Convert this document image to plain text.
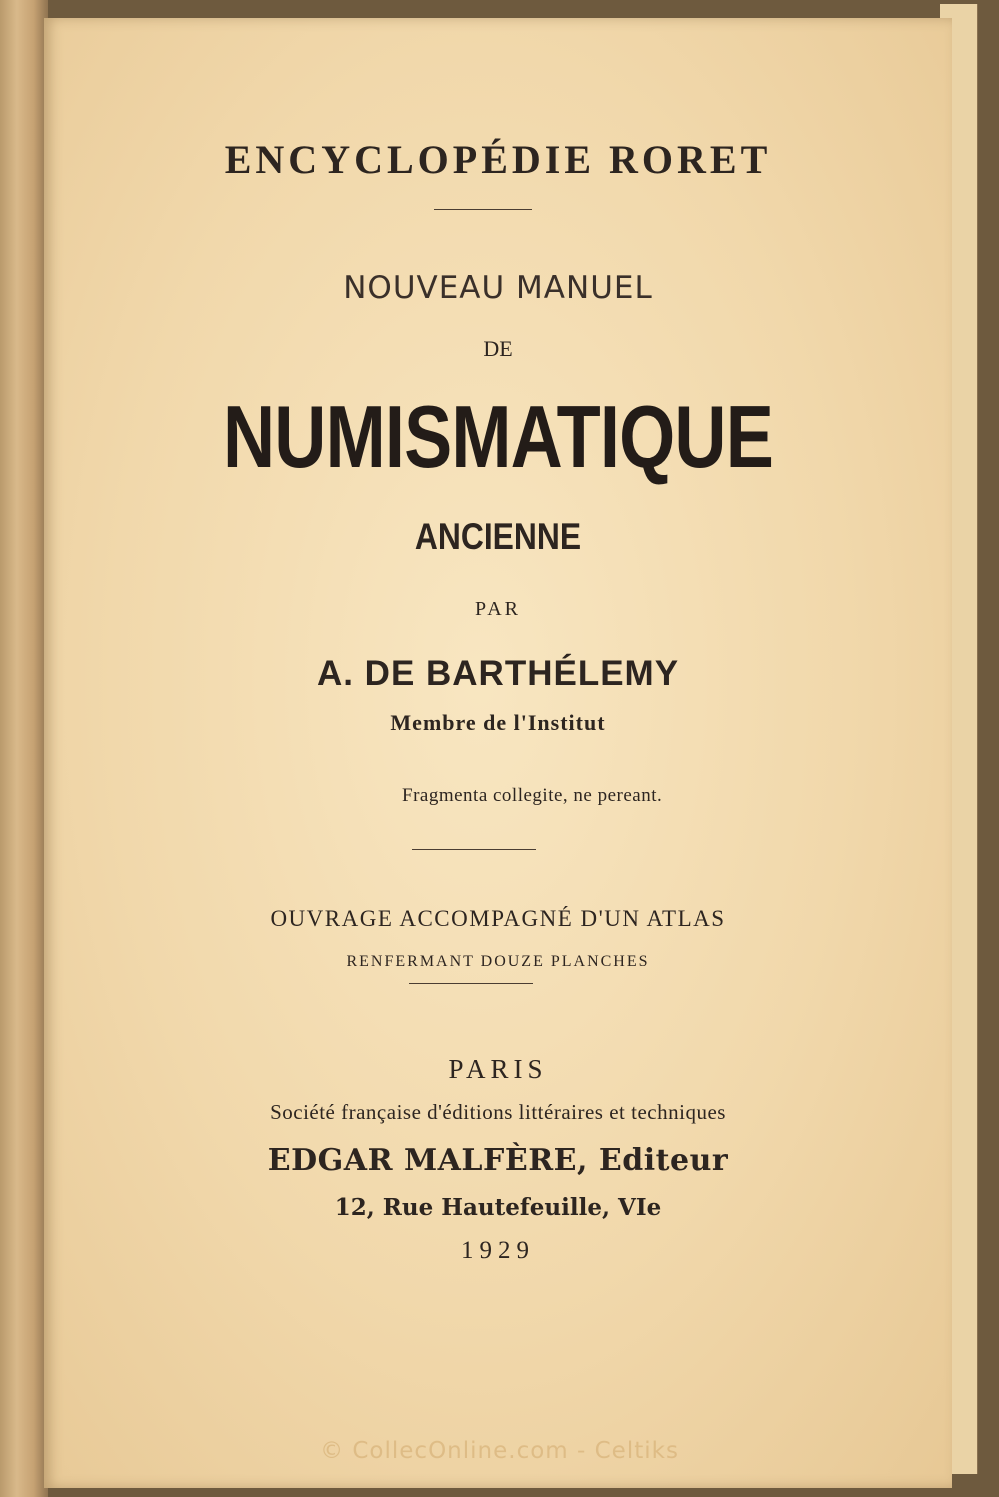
ENCYCLOPÉDIE RORET
NOUVEAU MANUEL

DE

NUMISMATIQUE
ANCIENNE

PAR

A. DE BARTHÉLEMY

Membre de l'Institut

Fragmenta collegite, ne pereant.

OUVRAGE ACCOMPAGNÉ D'UN ATLAS

RENFERMANT DOUZE PLANCHES

PARIS

Société française d'éditions littéraires et techniques

EDGAR MALFÈRE, Editeur

12, Rue Hautefeuille, VIe

1929

© CollecOnline.com - Celtiks
